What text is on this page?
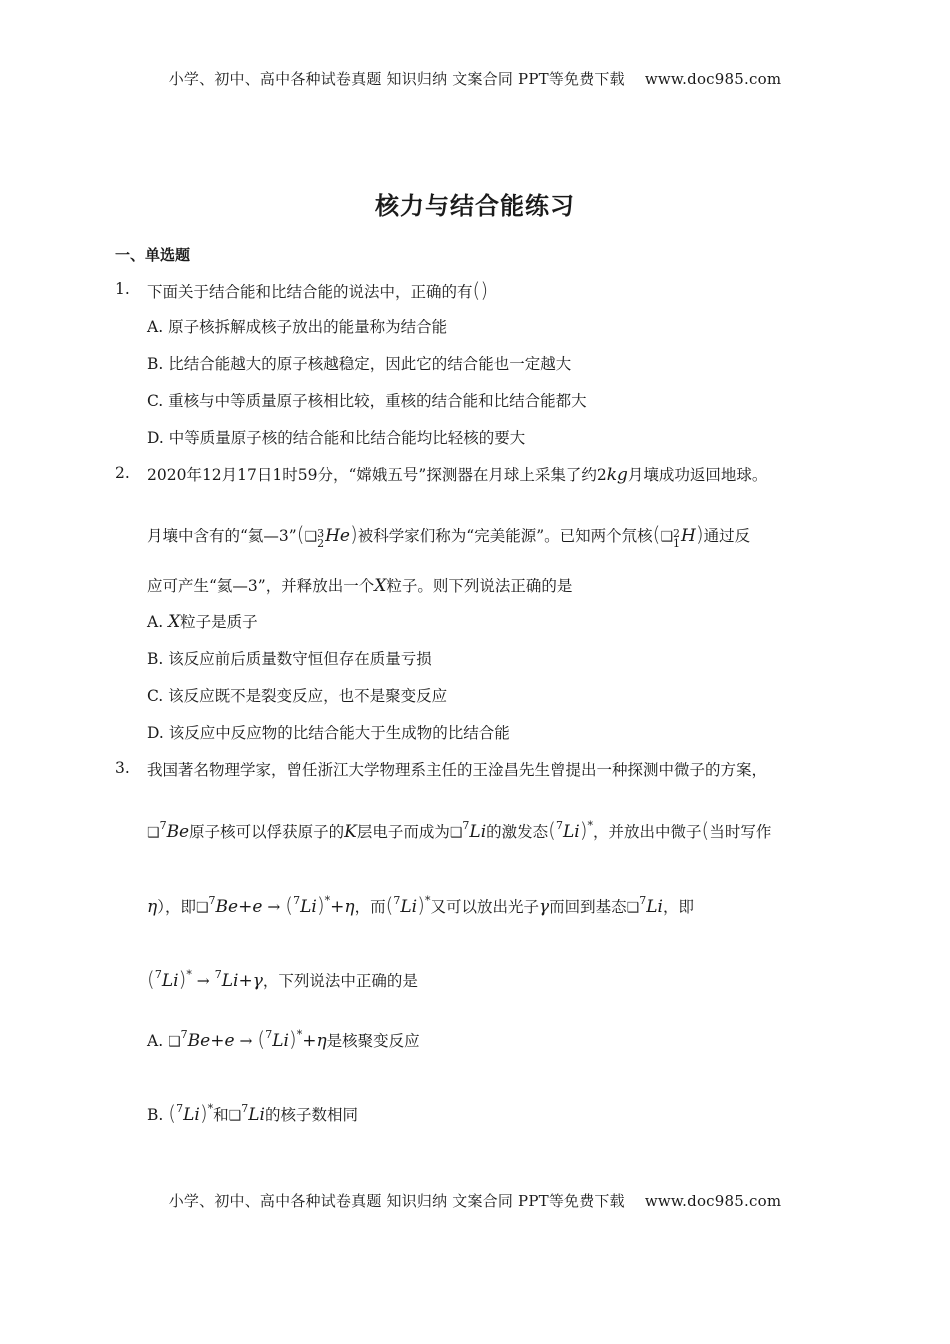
小学、初中、高中各种试卷真题 知识归纳 文案合同 PPT等免费下载 www.doc985.com
核力与结合能练习
一、单选题
1. 下面关于结合能和比结合能的说法中，正确的有()
A. 原子核拆解成核子放出的能量称为结合能
B. 比结合能越大的原子核越稳定，因此它的结合能也一定越大
C. 重核与中等质量原子核相比较，重核的结合能和比结合能都大
D. 中等质量原子核的结合能和比结合能均比轻核的要大
2. 2020年12月17日1时59分，“嫦娥五号”探测器在月球上采集了约2kg月壤成功返回地球。
月壤中含有的“氦—3”(❑3
2He)被科学家们称为“完美能源”。已知两个氘核(❑2
1H)通过反
应可产生“氦—3”，并释放出一个X粒子。则下列说法正确的是
A. X粒子是质子
B. 该反应前后质量数守恒但存在质量亏损
C. 该反应既不是裂变反应，也不是聚变反应
D. 该反应中反应物的比结合能大于生成物的比结合能
3. 我国著名物理学家，曾任浙江大学物理系主任的王淦昌先生曾提出一种探测中微子的方案，
❑$^7$Be原子核可以俘获原子的K层电子而成为❑$^7$Li的激发态($^7$Li)*，并放出中微子(当时写作
η），即❑$^7$Be+e → ($^7$Li)*+η，而($^7$Li)*又可以放出光子γ而回到基态❑$^7$Li，即
($^7$Li)* → $^7$Li+γ，下列说法中正确的是
A. ❑$^7$Be+e → ($^7$Li)*+η是核聚变反应
B. ($^7$Li)*和❑$^7$Li的核子数相同
小学、初中、高中各种试卷真题 知识归纳 文案合同 PPT等免费下载 www.doc985.com
